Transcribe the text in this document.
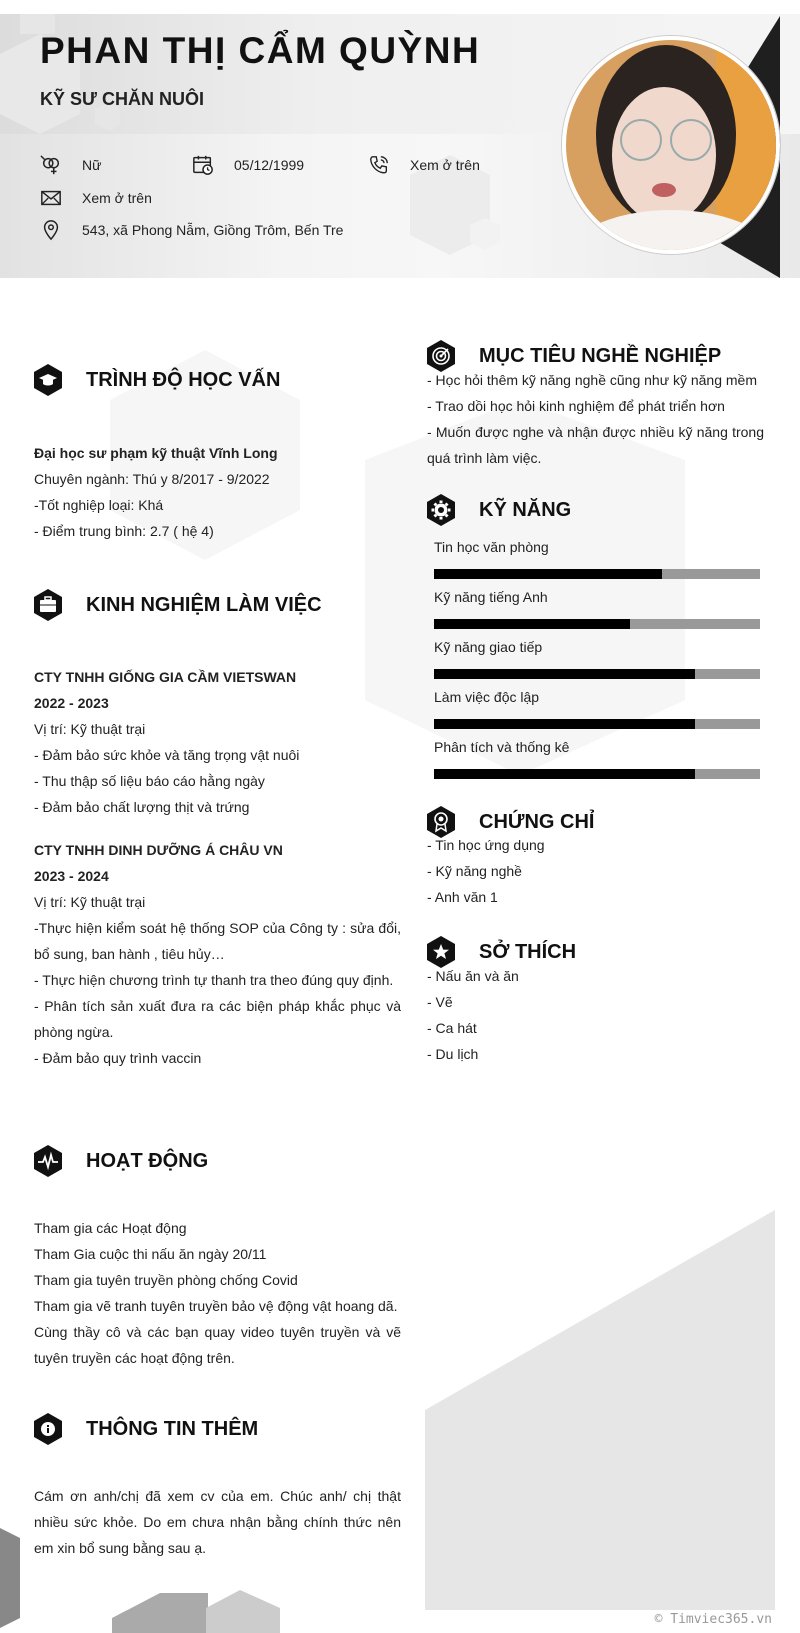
PHAN THỊ CẨM QUỲNH
KỸ SƯ CHĂN NUÔI
Nữ	05/12/1999	Xem ở trên
Xem ở trên
543, xã Phong Nẫm, Giồng Trôm, Bến Tre
TRÌNH ĐỘ HỌC VẤN

Đại học sư phạm kỹ thuật Vĩnh Long

Chuyên ngành: Thú y 8/2017 - 9/2022

-Tốt nghiệp loại: Khá

- Điểm trung bình: 2.7 ( hệ 4)

KINH NGHIỆM LÀM VIỆC

CTY TNHH GIỐNG GIA CẦM VIETSWAN

2022 - 2023

Vị trí: Kỹ thuật trại

- Đảm bảo sức khỏe và tăng trọng vật nuôi

- Thu thập số liệu báo cáo hằng ngày

- Đảm bảo chất lượng thịt và trứng

CTY TNHH DINH DƯỠNG Á CHÂU VN

2023 - 2024

Vị trí: Kỹ thuật trại

-Thực hiện kiểm soát hệ thống SOP của Công ty : sửa đổi, bổ sung, ban hành , tiêu hủy…

- Thực hiện chương trình tự thanh tra theo đúng quy định.

- Phân tích sản xuất đưa ra các biện pháp khắc phục và phòng ngừa.

- Đảm bảo quy trình vaccin

HOẠT ĐỘNG

Tham gia các Hoạt động

Tham Gia cuộc thi nấu ăn ngày 20/11

Tham gia tuyên truyền phòng chống Covid

Tham gia vẽ tranh tuyên truyền bảo vệ động vật hoang dã.

Cùng thầy cô và các bạn quay video tuyên truyền và vẽ tuyên truyền các hoạt động trên.

THÔNG TIN THÊM

Cám ơn anh/chị đã xem cv của em. Chúc anh/ chị thật nhiều sức khỏe. Do em chưa nhận bằng chính thức nên em xin bổ sung bằng sau ạ.

MỤC TIÊU NGHỀ NGHIỆP

- Học hỏi thêm kỹ năng nghề cũng như kỹ năng mềm

- Trao dồi học hỏi kinh nghiệm để phát triển hơn

- Muốn được nghe và nhận được nhiều kỹ năng trong quá trình làm việc.

KỸ NĂNG
Tin học văn phòng
Kỹ năng tiếng Anh
Kỹ năng giao tiếp
Làm việc độc lập
Phân tích và thống kê
CHỨNG CHỈ

- Tin học ứng dụng

- Kỹ năng nghề

- Anh văn 1

SỞ THÍCH

- Nấu ăn và ăn

- Vẽ

- Ca hát

- Du lịch

© Timviec365.vn
